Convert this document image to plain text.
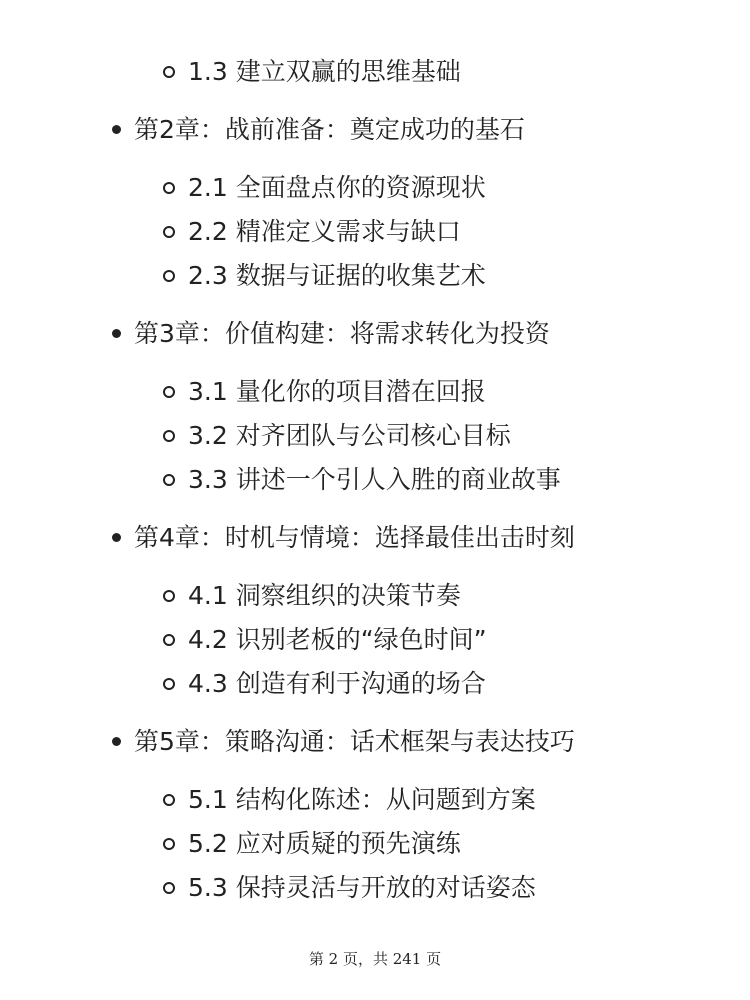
1.3 建立双赢的思维基础
第2章：战前准备：奠定成功的基石
2.1 全面盘点你的资源现状
2.2 精准定义需求与缺口
2.3 数据与证据的收集艺术
第3章：价值构建：将需求转化为投资
3.1 量化你的项目潜在回报
3.2 对齐团队与公司核心目标
3.3 讲述一个引人入胜的商业故事
第4章：时机与情境：选择最佳出击时刻
4.1 洞察组织的决策节奏
4.2 识别老板的“绿色时间”
4.3 创造有利于沟通的场合
第5章：策略沟通：话术框架与表达技巧
5.1 结构化陈述：从问题到方案
5.2 应对质疑的预先演练
5.3 保持灵活与开放的对话姿态
第 2 页，共 241 页
